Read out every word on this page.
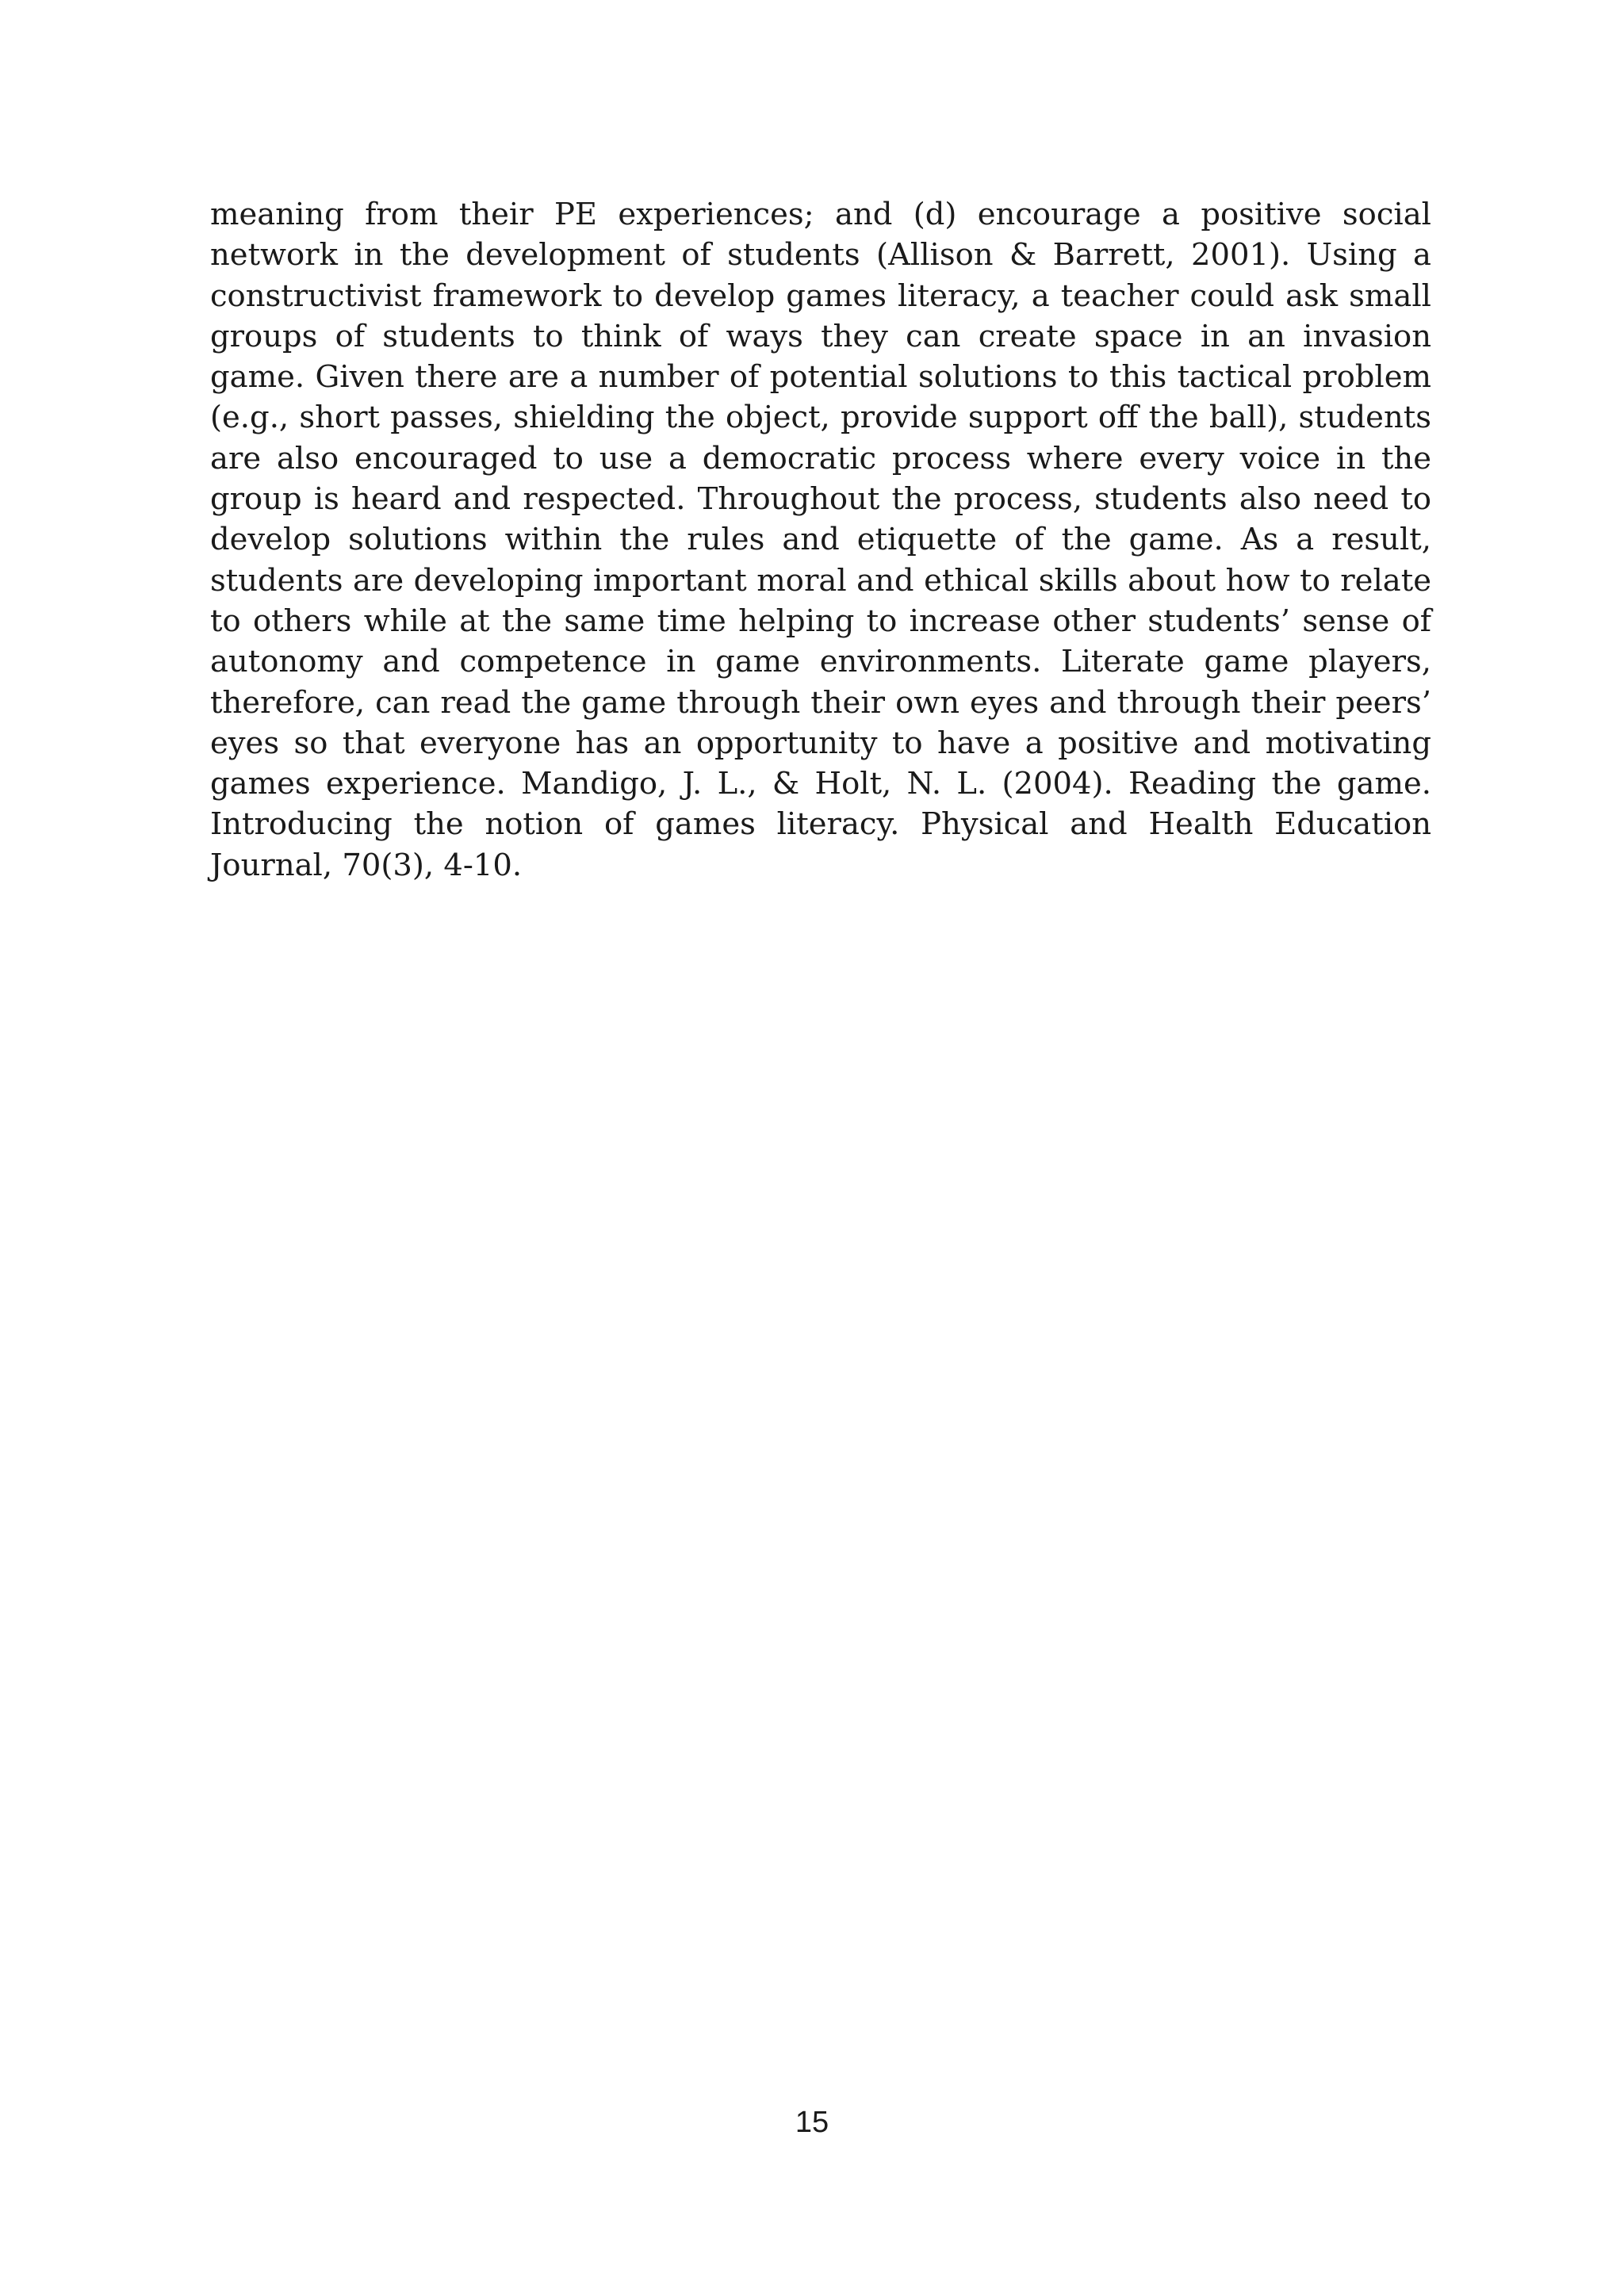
meaning from their PE experiences; and (d) encourage a positive social network in the development of students (Allison & Barrett, 2001). Using a constructivist framework to develop games literacy, a teacher could ask small groups of students to think of ways they can create space in an invasion game. Given there are a number of potential solutions to this tactical problem (e.g., short passes, shielding the object, provide support off the ball), students are also encouraged to use a democratic process where every voice in the group is heard and respected. Throughout the process, students also need to develop solutions within the rules and etiquette of the game. As a result, students are developing important moral and ethical skills about how to relate to others while at the same time helping to increase other students’ sense of autonomy and competence in game environments. Literate game players, therefore, can read the game through their own eyes and through their peers’ eyes so that everyone has an opportunity to have a positive and motivating games experience. Mandigo, J. L., & Holt, N. L. (2004). Reading the game. Introducing the notion of games literacy. Physical and Health Education Journal, 70(3), 4-10.

15
